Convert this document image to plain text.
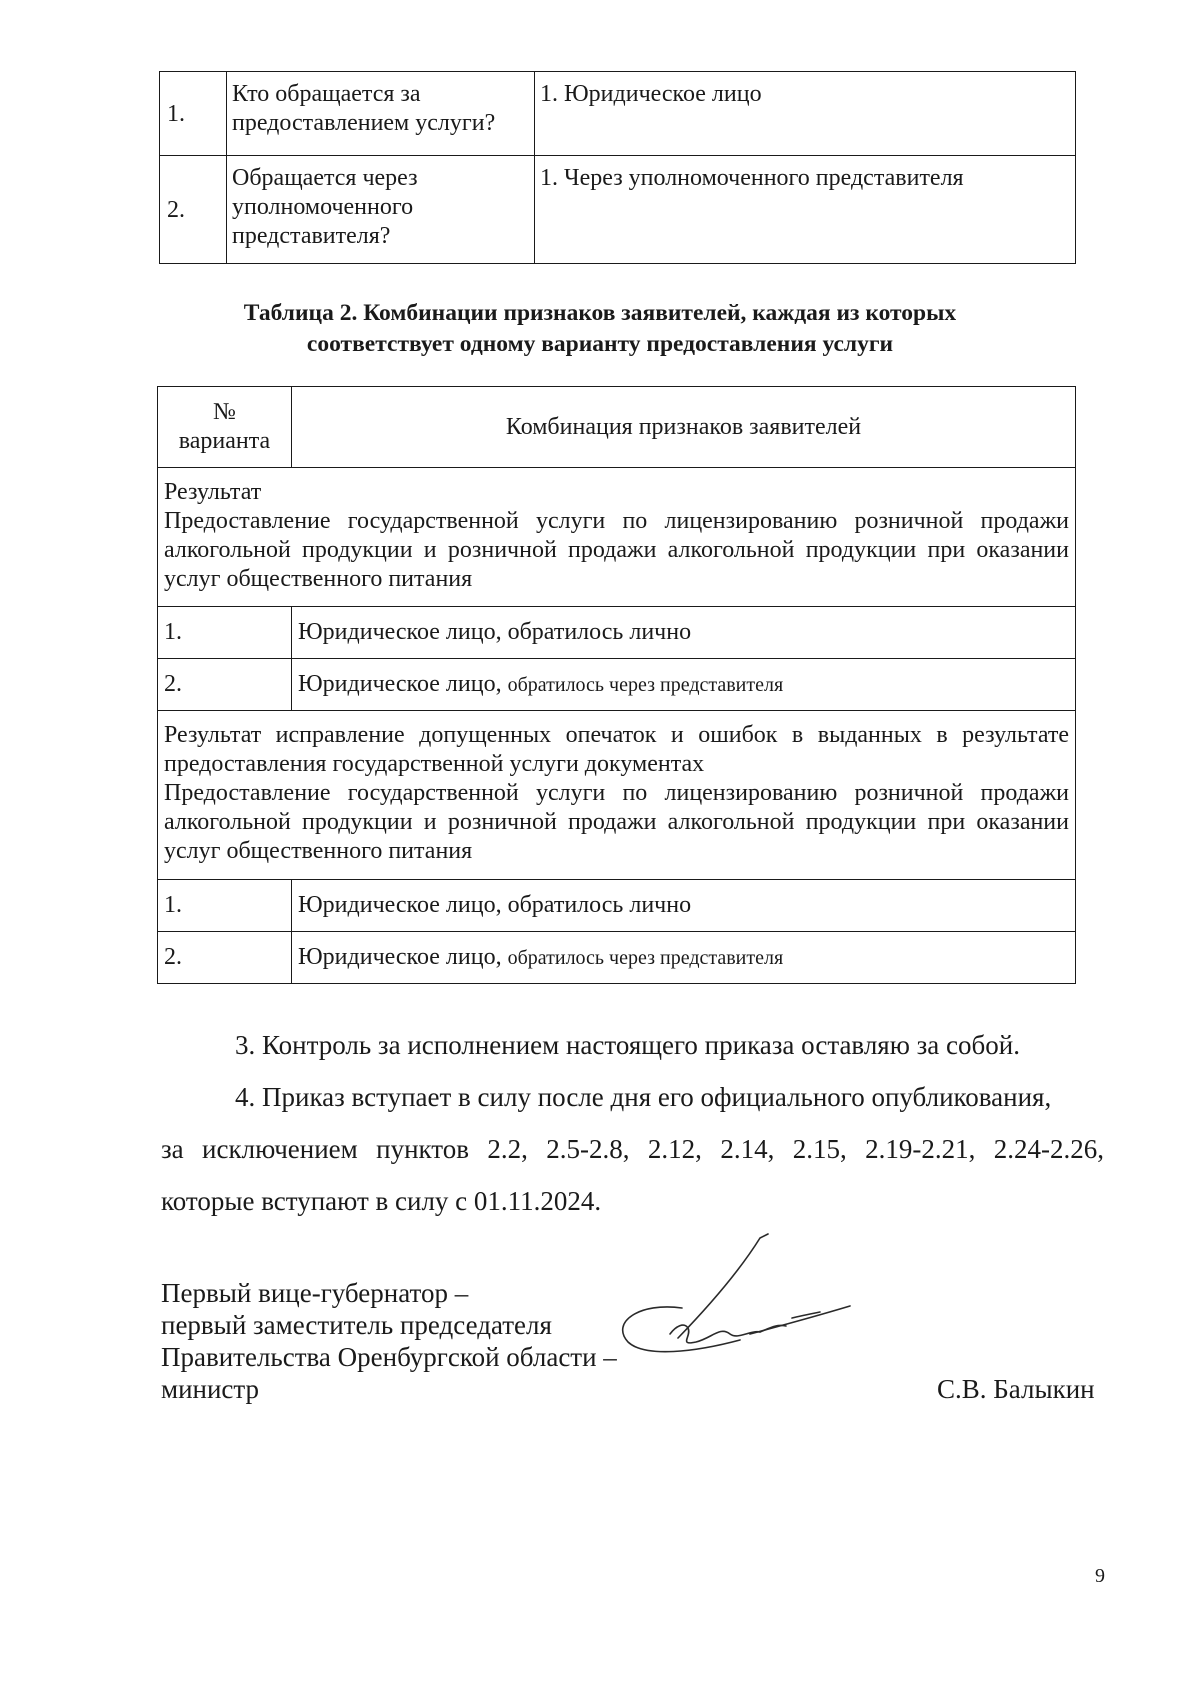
1.	Кто обращается за предоставлением услуги?	1. Юридическое лицо
2.	Обращается через уполномоченного представителя?	1. Через уполномоченного представителя
Таблица 2. Комбинации признаков заявителей, каждая из которых
соответствует одному варианту предоставления услуги
№ варианта	Комбинация признаков заявителей

Результат
Предоставление государственной услуги по лицензированию розничной продажи алкогольной продукции и розничной продажи алкогольной продукции при оказании услуг общественного питания	

1.	Юридическое лицо, обратилось лично
2.	Юридическое лицо, обратилось через представителя

Результат исправление допущенных опечаток и ошибок в выданных в результате предоставления государственной услуги документах
Предоставление государственной услуги по лицензированию розничной продажи алкогольной продукции и розничной продажи алкогольной продукции при оказании услуг общественного питания	

1.	Юридическое лицо, обратилось лично
2.	Юридическое лицо, обратилось через представителя
3. Контроль за исполнением настоящего приказа оставляю за собой.
4. Приказ вступает в силу после дня его официального опубликования,
за исключением пунктов 2.2, 2.5-2.8, 2.12, 2.14, 2.15, 2.19-2.21, 2.24-2.26,
которые вступают в силу с 01.11.2024.
Первый вице-губернатор –
первый заместитель председателя
Правительства Оренбургской области –
министр	С.В. Балыкин
9
